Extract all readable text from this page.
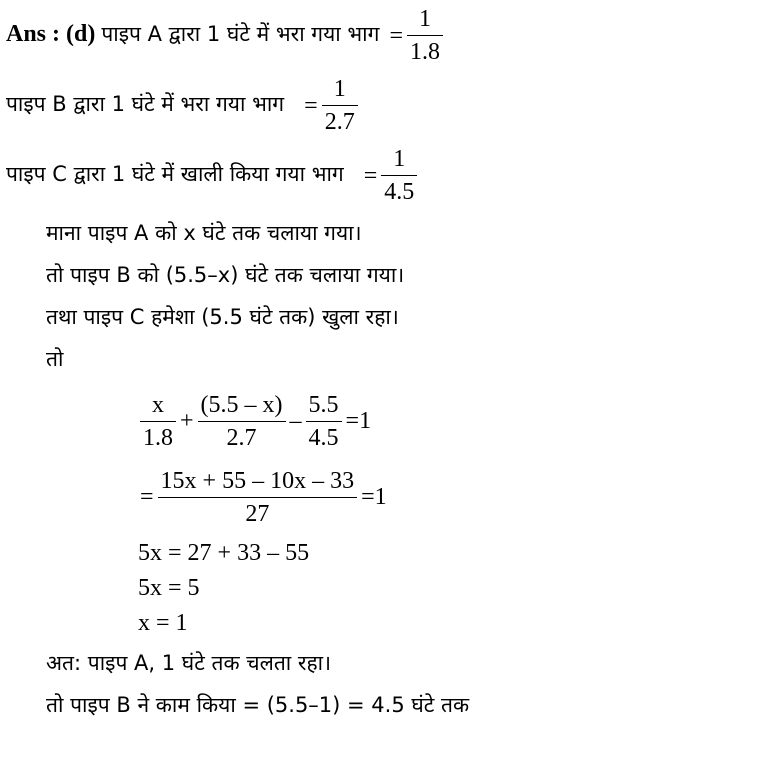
Ans : (d) पाइप A द्वारा 1 घंटे में भरा गया भाग = $\frac{1}{1.8}$
पाइप B द्वारा 1 घंटे में भरा गया भाग = $\frac{1}{2.7}$
पाइप C द्वारा 1 घंटे में खाली किया गया भाग = $\frac{1}{4.5}$
माना पाइप A को x घंटे तक चलाया गया।
तो पाइप B को (5.5–x) घंटे तक चलाया गया।
तथा पाइप C हमेशा (5.5 घंटे तक) खुला रहा।
तो
$\frac{x}{1.8} + \frac{(5.5 - x)}{2.7} - \frac{5.5}{4.5} =1$
= $\frac{15x + 55 - 10x - 33}{27} =1$
5x = 27 + 33 – 55
5x = 5
x = 1
अत: पाइप A, 1 घंटे तक चलता रहा।
तो पाइप B ने काम किया = (5.5–1) = 4.5 घंटे तक
